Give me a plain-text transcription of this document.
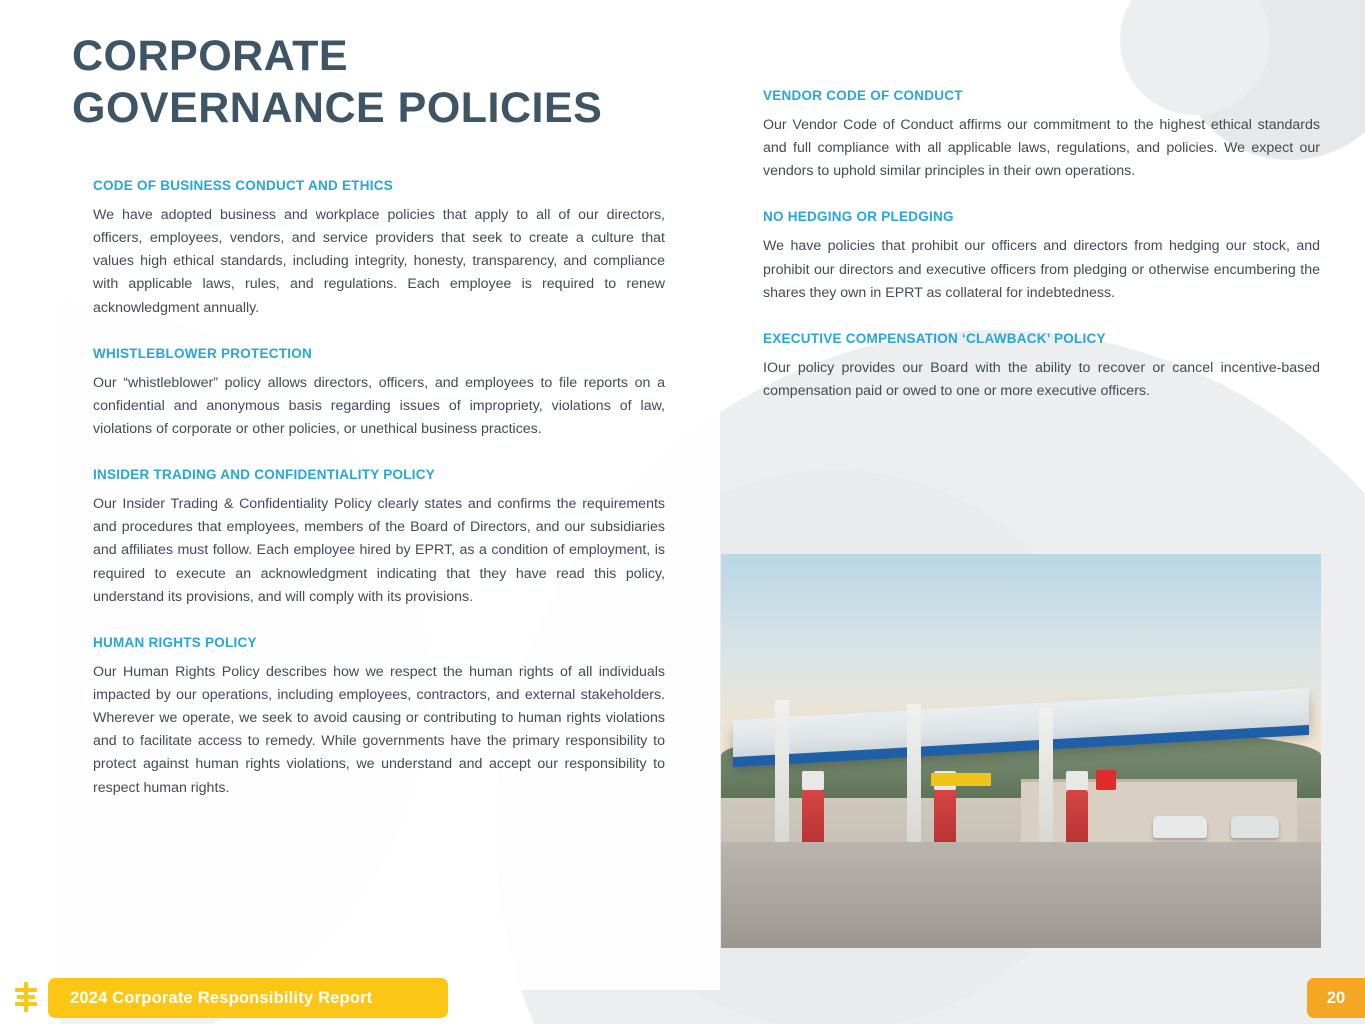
CORPORATE
GOVERNANCE POLICIES
CODE OF BUSINESS CONDUCT AND ETHICS

We have adopted business and workplace policies that apply to all of our directors, officers, employees, vendors, and service providers that seek to create a culture that values high ethical standards, including integrity, honesty, transparency, and compliance with applicable laws, rules, and regulations. Each employee is required to renew acknowledgment annually.

WHISTLEBLOWER PROTECTION

Our “whistleblower” policy allows directors, officers, and employees to file reports on a confidential and anonymous basis regarding issues of impropriety, violations of law, violations of corporate or other policies, or unethical business practices.

INSIDER TRADING AND CONFIDENTIALITY POLICY

Our Insider Trading & Confidentiality Policy clearly states and confirms the requirements and procedures that employees, members of the Board of Directors, and our subsidiaries and affiliates must follow. Each employee hired by EPRT, as a condition of employment, is required to execute an acknowledgment indicating that they have read this policy, understand its provisions, and will comply with its provisions.

HUMAN RIGHTS POLICY

Our Human Rights Policy describes how we respect the human rights of all individuals impacted by our operations, including employees, contractors, and external stakeholders. Wherever we operate, we seek to avoid causing or contributing to human rights violations and to facilitate access to remedy. While governments have the primary responsibility to protect against human rights violations, we understand and accept our responsibility to respect human rights.

VENDOR CODE OF CONDUCT

Our Vendor Code of Conduct affirms our commitment to the highest ethical standards and full compliance with all applicable laws, regulations, and policies. We expect our vendors to uphold similar principles in their own operations.

NO HEDGING OR PLEDGING

We have policies that prohibit our officers and directors from hedging our stock, and prohibit our directors and executive officers from pledging or otherwise encumbering the shares they own in EPRT as collateral for indebtedness.

EXECUTIVE COMPENSATION ‘CLAWBACK’ POLICY

IOur policy provides our Board with the ability to recover or cancel incentive-based compensation paid or owed to one or more executive officers.

2024 Corporate Responsibility Report	20
